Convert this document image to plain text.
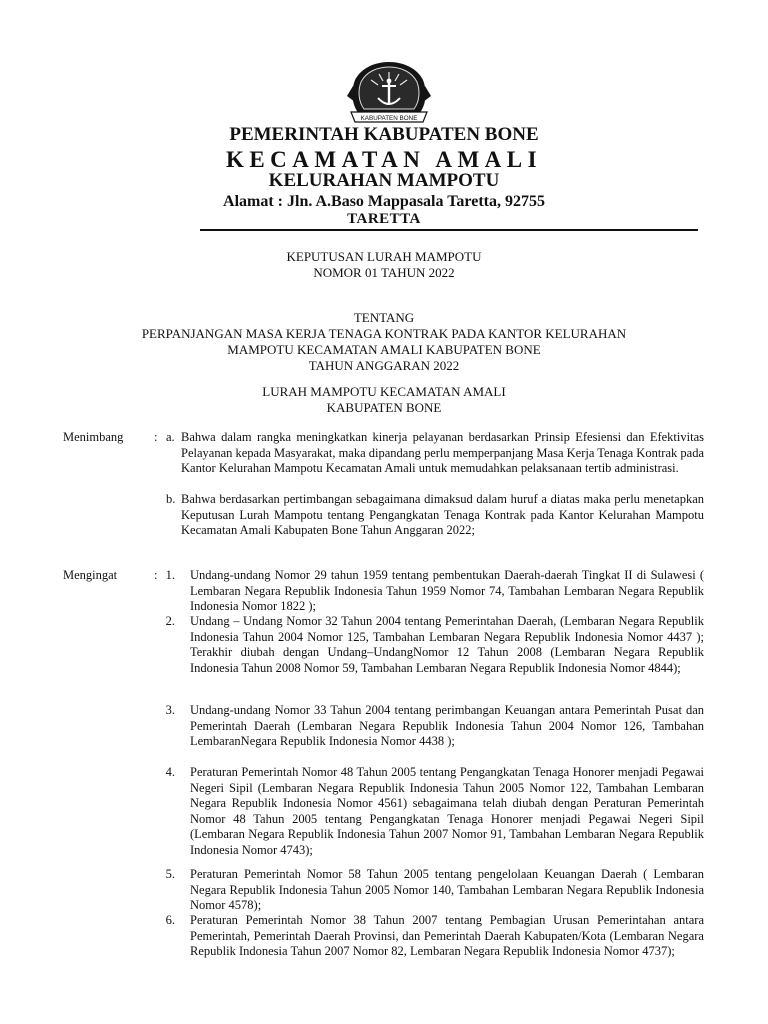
KABUPATEN BONE
PEMERINTAH KABUPATEN BONE
KECAMATAN AMALI
KELURAHAN MAMPOTU
Alamat : Jln. A.Baso Mappasala Taretta, 92755
TARETTA
KEPUTUSAN LURAH MAMPOTU
NOMOR 01 TAHUN 2022
TENTANG
PERPANJANGAN MASA KERJA TENAGA KONTRAK PADA KANTOR KELURAHAN
MAMPOTU KECAMATAN AMALI KABUPATEN BONE
TAHUN ANGGARAN 2022
LURAH MAMPOTU KECAMATAN AMALI
KABUPATEN BONE
Menimbang : a. Bahwa dalam rangka meningkatkan kinerja pelayanan berdasarkan Prinsip Efesiensi dan Efektivitas Pelayanan kepada Masyarakat, maka dipandang perlu memperpanjang Masa Kerja Tenaga Kontrak pada Kantor Kelurahan Mampotu Kecamatan Amali untuk memudahkan pelaksanaan tertib administrasi.
b. Bahwa berdasarkan pertimbangan sebagaimana dimaksud dalam huruf a diatas maka perlu menetapkan Keputusan Lurah Mampotu tentang Pengangkatan Tenaga Kontrak pada Kantor Kelurahan Mampotu Kecamatan Amali Kabupaten Bone Tahun Anggaran 2022;
Mengingat	: 1. Undang-undang Nomor 29 tahun 1959 tentang pembentukan Daerah-daerah Tingkat II di Sulawesi ( Lembaran Negara Republik Indonesia Tahun 1959 Nomor 74, Tambahan Lembaran Negara Republik Indonesia Nomor 1822 );
2. Undang – Undang Nomor 32 Tahun 2004 tentang Pemerintahan Daerah, (Lembaran Negara Republik Indonesia Tahun 2004 Nomor 125, Tambahan Lembaran Negara Republik Indonesia Nomor 4437 ); Terakhir diubah dengan Undang–UndangNomor 12 Tahun 2008 (Lembaran Negara Republik Indonesia Tahun 2008 Nomor 59, Tambahan Lembaran Negara Republik Indonesia Nomor 4844);
3. Undang-undang Nomor 33 Tahun 2004 tentang perimbangan Keuangan antara Pemerintah Pusat dan Pemerintah Daerah (Lembaran Negara Republik Indonesia Tahun 2004 Nomor 126, Tambahan LembaranNegara Republik Indonesia Nomor 4438 );
4. Peraturan Pemerintah Nomor 48 Tahun 2005 tentang Pengangkatan Tenaga Honorer menjadi Pegawai Negeri Sipil (Lembaran Negara Republik Indonesia Tahun 2005 Nomor 122, Tambahan Lembaran Negara Republik Indonesia Nomor 4561) sebagaimana telah diubah dengan Peraturan Pemerintah Nomor 48 Tahun 2005 tentang Pengangkatan Tenaga Honorer menjadi Pegawai Negeri Sipil (Lembaran Negara Republik Indonesia Tahun 2007 Nomor 91, Tambahan Lembaran Negara Republik Indonesia Nomor 4743);
5. Peraturan Pemerintah Nomor 58 Tahun 2005 tentang pengelolaan Keuangan Daerah ( Lembaran Negara Republik Indonesia Tahun 2005 Nomor 140, Tambahan Lembaran Negara Republik Indonesia Nomor 4578);
6. Peraturan Pemerintah Nomor 38 Tahun 2007 tentang Pembagian Urusan Pemerintahan antara Pemerintah, Pemerintah Daerah Provinsi, dan Pemerintah Daerah Kabupaten/Kota (Lembaran Negara Republik Indonesia Tahun 2007 Nomor 82, Lembaran Negara Republik Indonesia Nomor 4737);
